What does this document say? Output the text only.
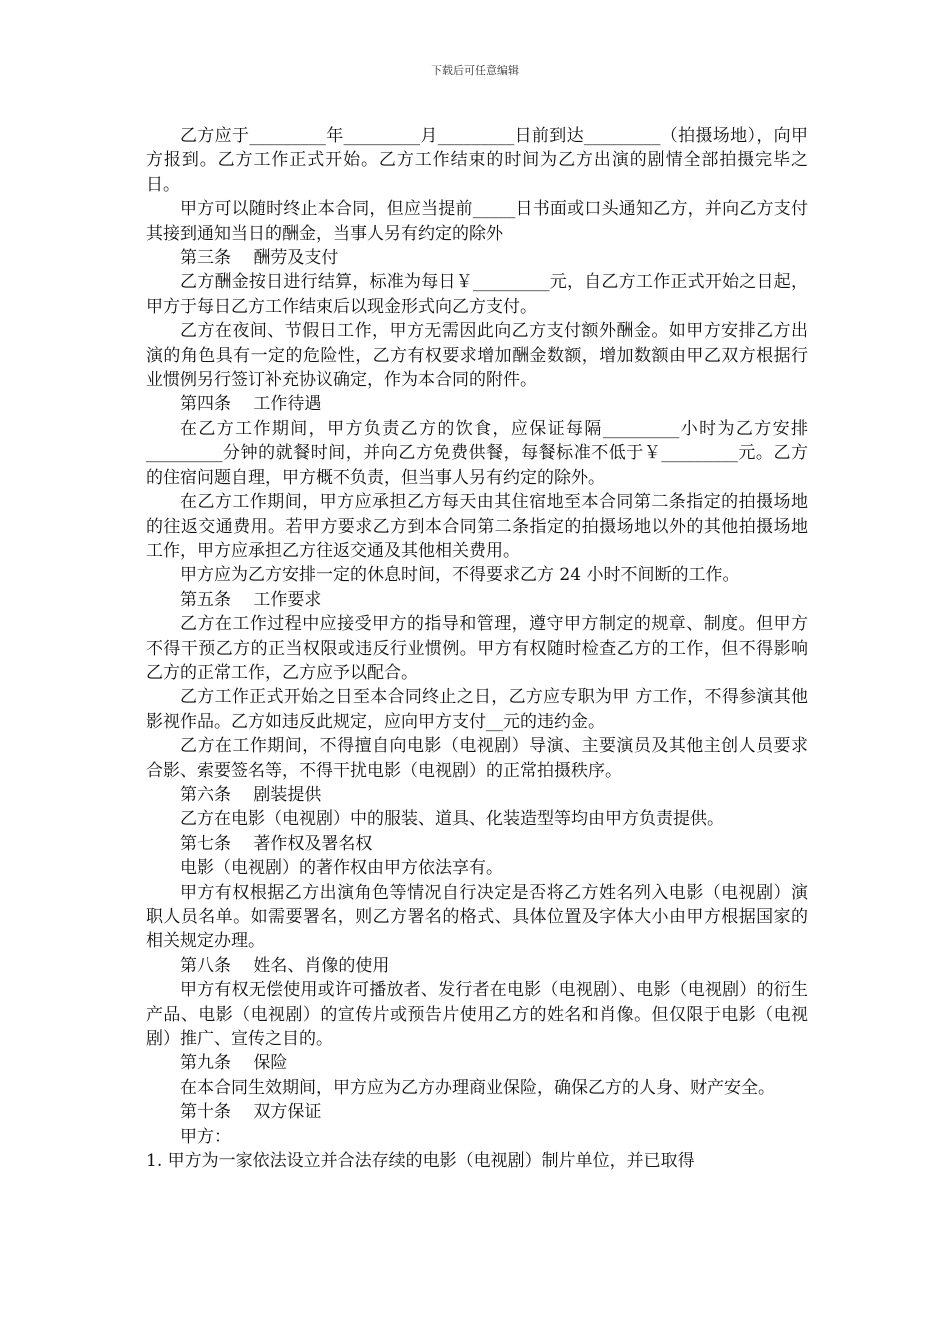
下载后可任意编辑

乙方应于_________年_________月_________日前到达_________（拍摄场地），向甲方报到。乙方工作正式开始。乙方工作结束的时间为乙方出演的剧情全部拍摄完毕之日。

甲方可以随时终止本合同，但应当提前_____日书面或口头通知乙方，并向乙方支付其接到通知当日的酬金，当事人另有约定的除外

第三条　 酬劳及支付

乙方酬金按日进行结算，标准为每日￥_________元，自乙方工作正式开始之日起，甲方于每日乙方工作结束后以现金形式向乙方支付。

乙方在夜间、节假日工作，甲方无需因此向乙方支付额外酬金。如甲方安排乙方出演的角色具有一定的危险性，乙方有权要求增加酬金数额，增加数额由甲乙双方根据行业惯例另行签订补充协议确定，作为本合同的附件。

第四条　 工作待遇

在乙方工作期间，甲方负责乙方的饮食，应保证每隔_________小时为乙方安排_________分钟的就餐时间，并向乙方免费供餐，每餐标准不低于￥_________元。乙方的住宿问题自理，甲方概不负责，但当事人另有约定的除外。

在乙方工作期间，甲方应承担乙方每天由其住宿地至本合同第二条指定的拍摄场地的往返交通费用。若甲方要求乙方到本合同第二条指定的拍摄场地以外的其他拍摄场地工作，甲方应承担乙方往返交通及其他相关费用。

甲方应为乙方安排一定的休息时间，不得要求乙方 24 小时不间断的工作。

第五条　 工作要求

乙方在工作过程中应接受甲方的指导和管理，遵守甲方制定的规章、制度。但甲方不得干预乙方的正当权限或违反行业惯例。甲方有权随时检查乙方的工作，但不得影响乙方的正常工作，乙方应予以配合。

乙方工作正式开始之日至本合同终止之日，乙方应专职为甲 方工作，不得参演其他影视作品。乙方如违反此规定，应向甲方支付__元的违约金。

乙方在工作期间，不得擅自向电影（电视剧）导演、主要演员及其他主创人员要求合影、索要签名等，不得干扰电影（电视剧）的正常拍摄秩序。

第六条　 剧装提供

乙方在电影（电视剧）中的服装、道具、化装造型等均由甲方负责提供。

第七条　 著作权及署名权

电影（电视剧）的著作权由甲方依法享有。

甲方有权根据乙方出演角色等情况自行决定是否将乙方姓名列入电影（电视剧）演职人员名单。如需要署名，则乙方署名的格式、具体位置及字体大小由甲方根据国家的相关规定办理。

第八条　 姓名、肖像的使用

甲方有权无偿使用或许可播放者、发行者在电影（电视剧）、电影（电视剧）的衍生产品、电影（电视剧）的宣传片或预告片使用乙方的姓名和肖像。但仅限于电影（电视剧）推广、宣传之目的。

第九条　 保险

在本合同生效期间，甲方应为乙方办理商业保险，确保乙方的人身、财产安全。

第十条　 双方保证

甲方：

1. 甲方为一家依法设立并合法存续的电影（电视剧）制片单位，并已取得
